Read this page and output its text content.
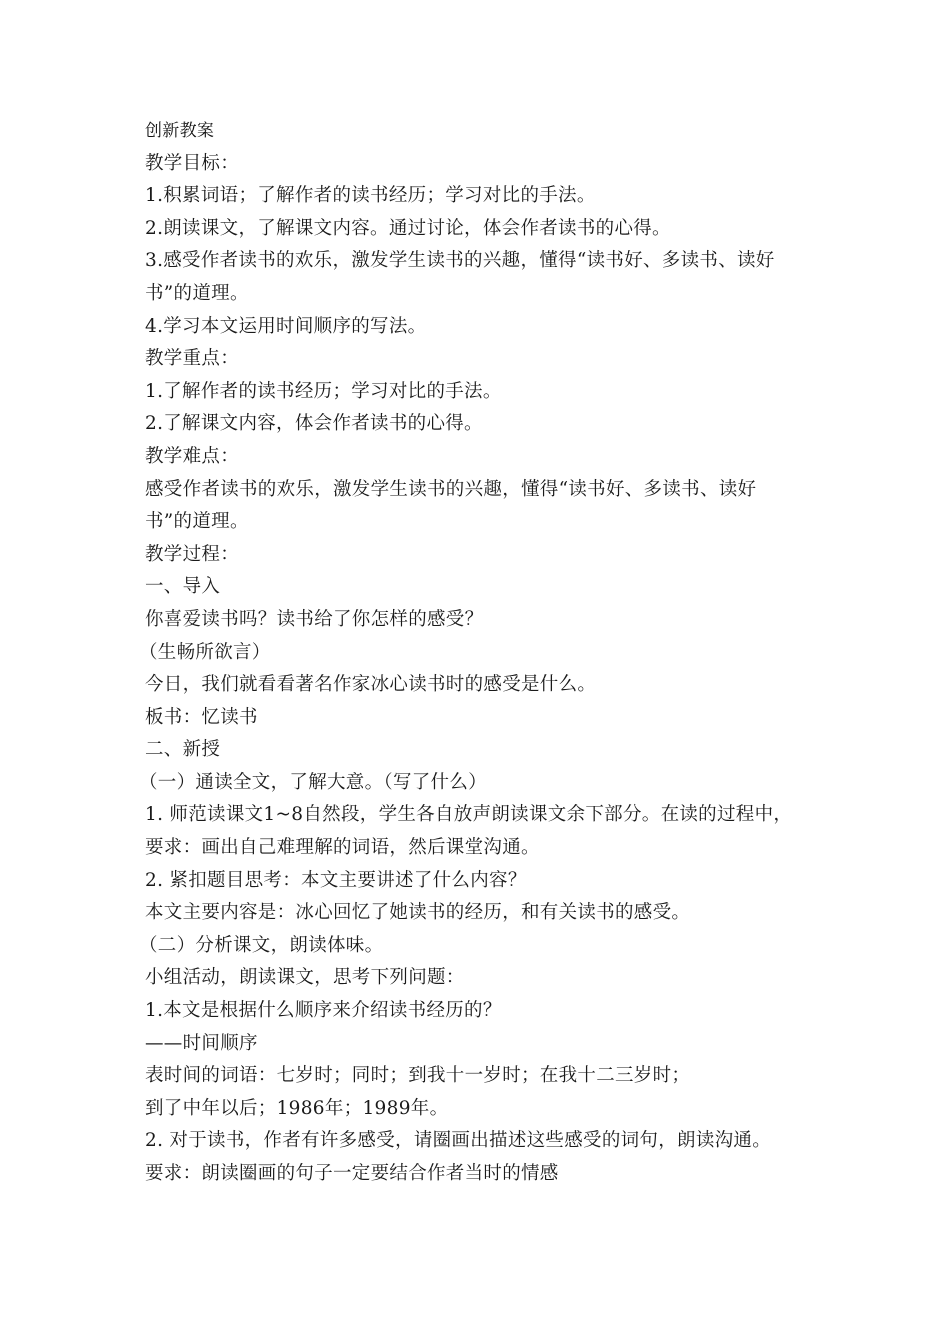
创新教案
教学目标：
1.积累词语；了解作者的读书经历；学习对比的手法。
2.朗读课文，了解课文内容。通过讨论，体会作者读书的心得。
3.感受作者读书的欢乐，激发学生读书的兴趣，懂得“读书好、多读书、读好
书”的道理。
4.学习本文运用时间顺序的写法。
教学重点：
1.了解作者的读书经历；学习对比的手法。
2.了解课文内容，体会作者读书的心得。
教学难点：
感受作者读书的欢乐，激发学生读书的兴趣，懂得“读书好、多读书、读好
书”的道理。
教学过程：
一、导入
你喜爱读书吗？读书给了你怎样的感受？
（生畅所欲言）
今日，我们就看看著名作家冰心读书时的感受是什么。
板书：忆读书
二、新授
（一）通读全文，了解大意。（写了什么）
1. 师范读课文1~8自然段，学生各自放声朗读课文余下部分。在读的过程中，
要求：画出自己难理解的词语，然后课堂沟通。
2. 紧扣题目思考：本文主要讲述了什么内容？
本文主要内容是：冰心回忆了她读书的经历，和有关读书的感受。
（二）分析课文，朗读体味。
小组活动，朗读课文，思考下列问题：
1.本文是根据什么顺序来介绍读书经历的？
——时间顺序
表时间的词语：七岁时；同时；到我十一岁时；在我十二三岁时；
到了中年以后；1986年；1989年。
2. 对于读书，作者有许多感受，请圈画出描述这些感受的词句，朗读沟通。
要求：朗读圈画的句子一定要结合作者当时的情感
